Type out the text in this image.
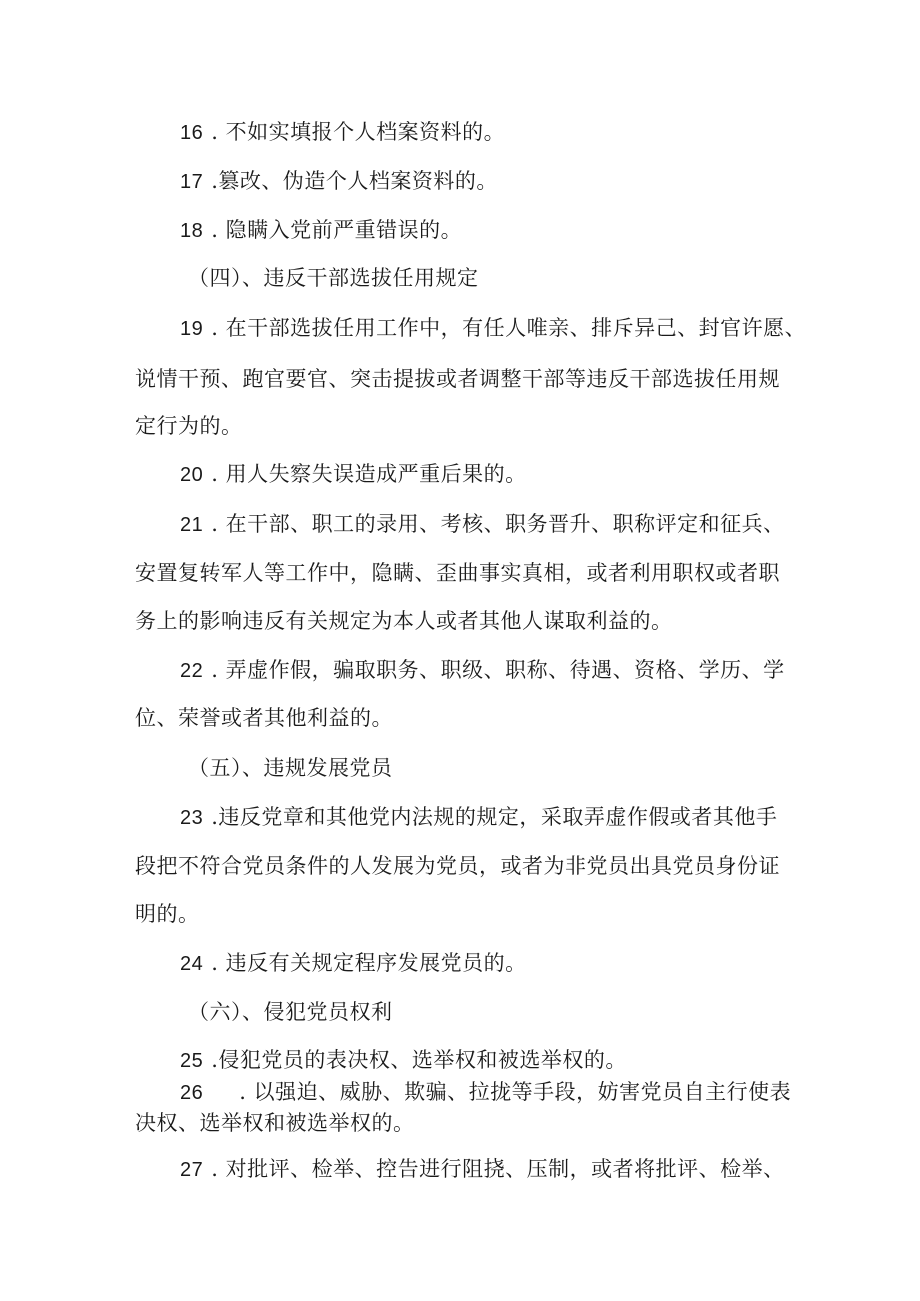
16 . 不如实填报个人档案资料的。

17 .篡改、伪造个人档案资料的。

18 . 隐瞒入党前严重错误的。

（四）、违反干部选拔任用规定

19 . 在干部选拔任用工作中，有任人唯亲、排斥异己、封官许愿、

说情干预、跑官要官、突击提拔或者调整干部等违反干部选拔任用规

定行为的。

20 . 用人失察失误造成严重后果的。

21 . 在干部、职工的录用、考核、职务晋升、职称评定和征兵、

安置复转军人等工作中，隐瞒、歪曲事实真相，或者利用职权或者职

务上的影响违反有关规定为本人或者其他人谋取利益的。

22 . 弄虚作假，骗取职务、职级、职称、待遇、资格、学历、学

位、荣誉或者其他利益的。

（五）、违规发展党员

23 .违反党章和其他党内法规的规定，采取弄虚作假或者其他手

段把不符合党员条件的人发展为党员，或者为非党员出具党员身份证

明的。

24 . 违反有关规定程序发展党员的。

（六）、侵犯党员权利

25 .侵犯党员的表决权、选举权和被选举权的。

26 . 以强迫、威胁、欺骗、拉拢等手段，妨害党员自主行使表

决权、选举权和被选举权的。

27 . 对批评、检举、控告进行阻挠、压制，或者将批评、检举、
